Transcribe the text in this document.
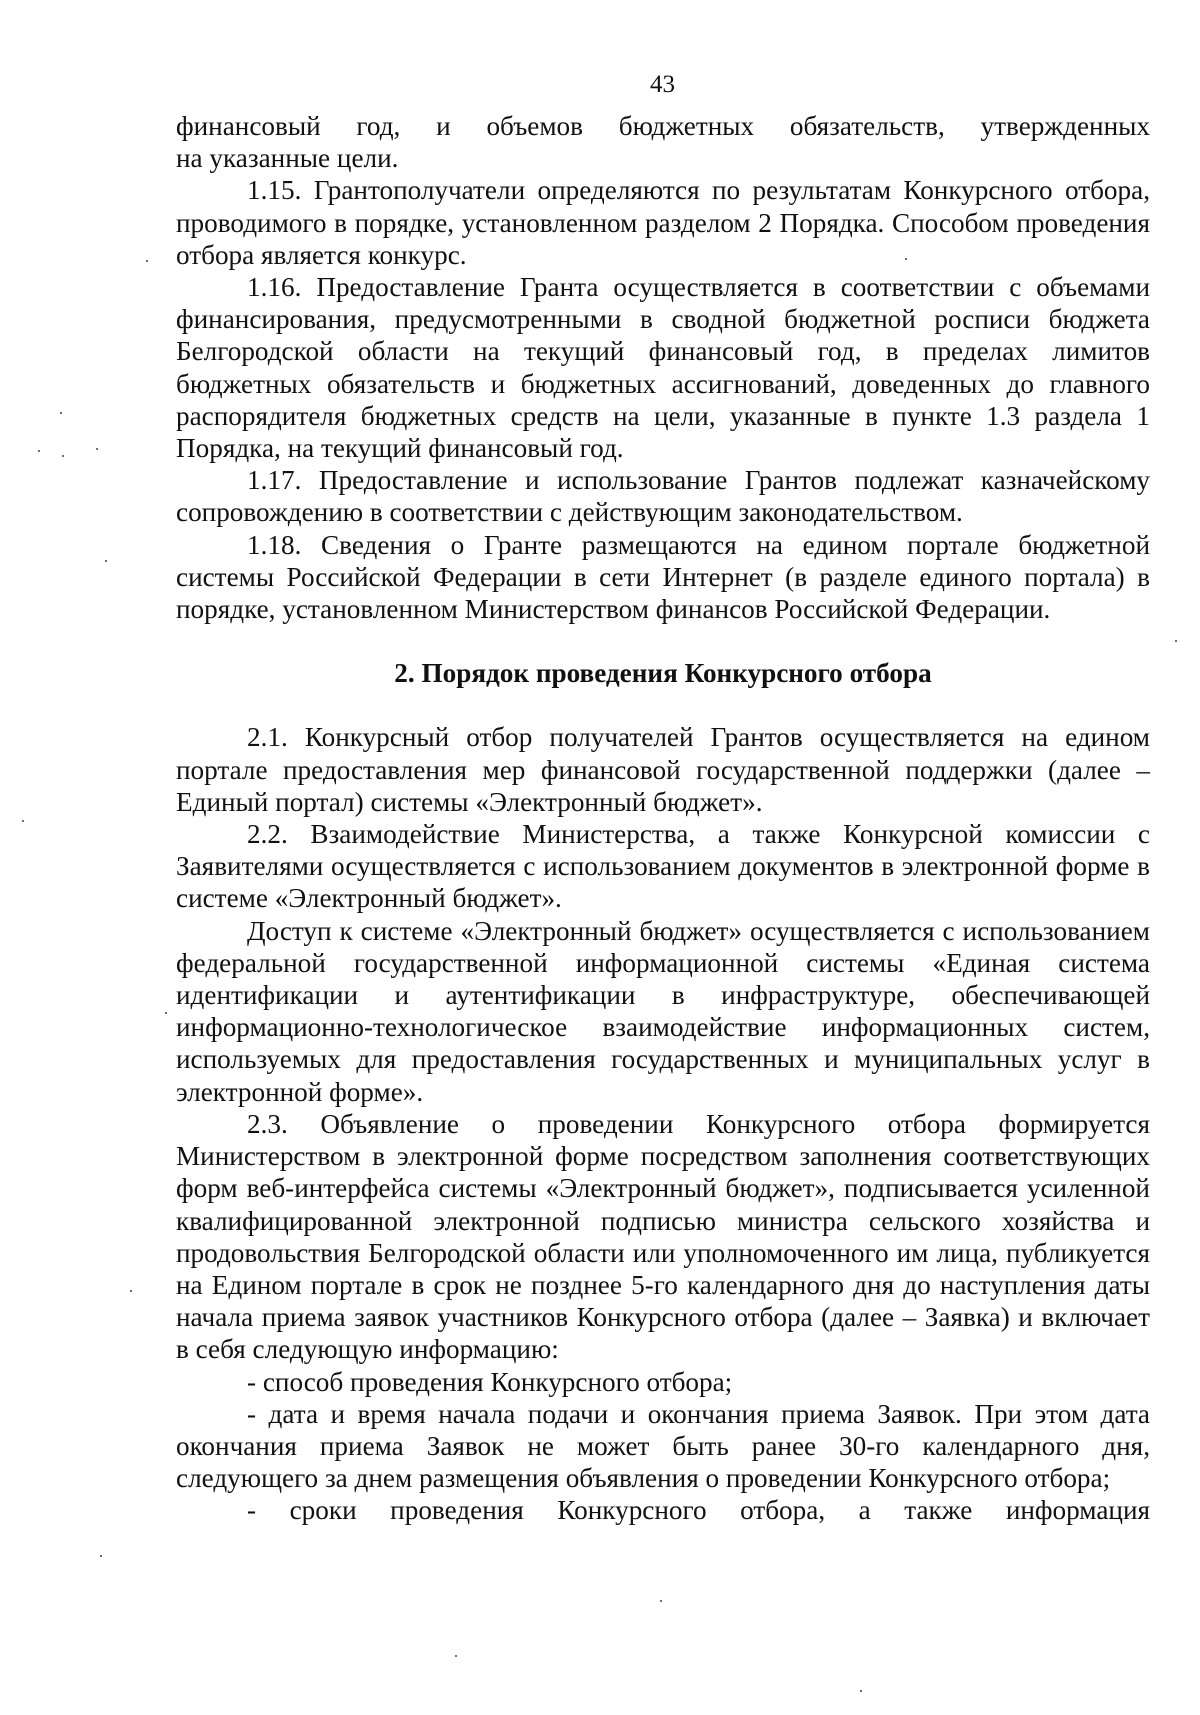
43

финансовый год, и объемов бюджетных обязательств, утвержденных

на указанные цели.

1.15. Грантополучатели определяются по результатам Конкурсного отбора, проводимого в порядке, установленном разделом 2 Порядка. Способом проведения отбора является конкурс.

1.16. Предоставление Гранта осуществляется в соответствии с объемами финансирования, предусмотренными в сводной бюджетной росписи бюджета Белгородской области на текущий финансовый год, в пределах лимитов бюджетных обязательств и бюджетных ассигнований, доведенных до главного распорядителя бюджетных средств на цели, указанные в пункте 1.3 раздела 1 Порядка, на текущий финансовый год.

1.17. Предоставление и использование Грантов подлежат казначейскому сопровождению в соответствии с действующим законодательством.

1.18. Сведения о Гранте размещаются на едином портале бюджетной системы Российской Федерации в сети Интернет (в разделе единого портала) в порядке, установленном Министерством финансов Российской Федерации.

2. Порядок проведения Конкурсного отбора

2.1. Конкурсный отбор получателей Грантов осуществляется на едином портале предоставления мер финансовой государственной поддержки (далее – Единый портал) системы «Электронный бюджет».

2.2. Взаимодействие Министерства, а также Конкурсной комиссии с Заявителями осуществляется с использованием документов в электронной форме в системе «Электронный бюджет».

Доступ к системе «Электронный бюджет» осуществляется с использованием федеральной государственной информационной системы «Единая система идентификации и аутентификации в инфраструктуре, обеспечивающей информационно-технологическое взаимодействие информационных систем, используемых для предоставления государственных и муниципальных услуг в электронной форме».

2.3. Объявление о проведении Конкурсного отбора формируется Министерством в электронной форме посредством заполнения соответствующих форм веб-интерфейса системы «Электронный бюджет», подписывается усиленной квалифицированной электронной подписью министра сельского хозяйства и продовольствия Белгородской области или уполномоченного им лица, публикуется на Едином портале в срок не позднее 5-го календарного дня до наступления даты начала приема заявок участников Конкурсного отбора (далее – Заявка) и включает в себя следующую информацию:

- способ проведения Конкурсного отбора;

- дата и время начала подачи и окончания приема Заявок. При этом дата окончания приема Заявок не может быть ранее 30-го календарного дня, следующего за днем размещения объявления о проведении Конкурсного отбора;

- сроки проведения Конкурсного отбора, а также информация
